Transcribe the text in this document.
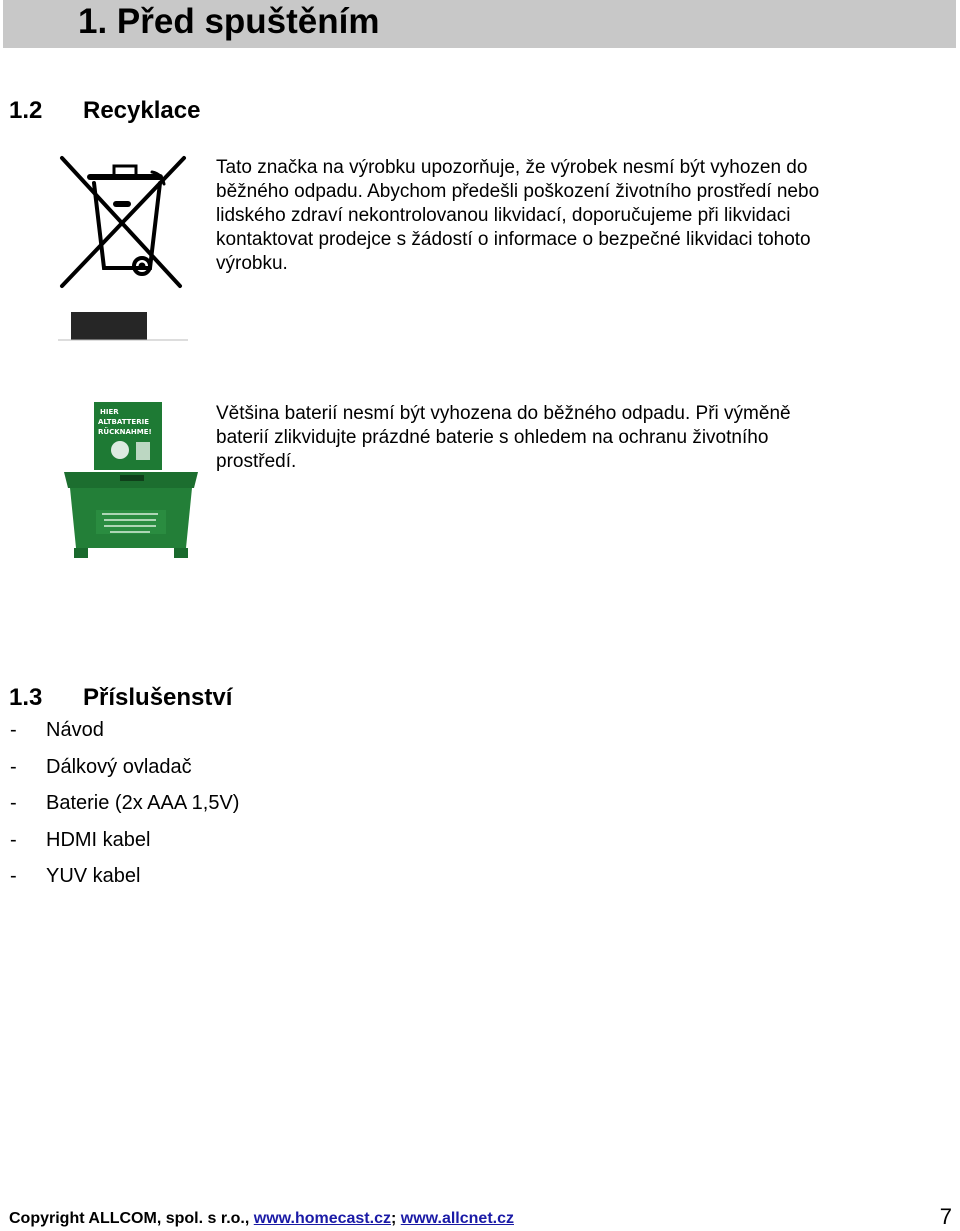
1. Před spuštěním
1.2 Recyklace
Tato značka na výrobku upozorňuje, že výrobek nesmí být vyhozen do
běžného odpadu. Abychom předešli poškození životního prostředí nebo
lidského zdraví nekontrolovanou likvidací, doporučujeme při likvidaci
kontaktovat prodejce s žádostí o informace o bezpečné likvidaci tohoto
výrobku.
HIER
ALTBATTERIE
RÜCKNAHME!
Většina baterií nesmí být vyhozena do běžného odpadu. Při výměně
baterií zlikvidujte prázdné baterie s ohledem na ochranu životního
prostředí.
1.3 Příslušenství
- Návod
- Dálkový ovladač
- Baterie (2x AAA 1,5V)
- HDMI kabel
- YUV kabel
Copyright ALLCOM, spol. s r.o., www.homecast.cz; www.allcnet.cz	7
